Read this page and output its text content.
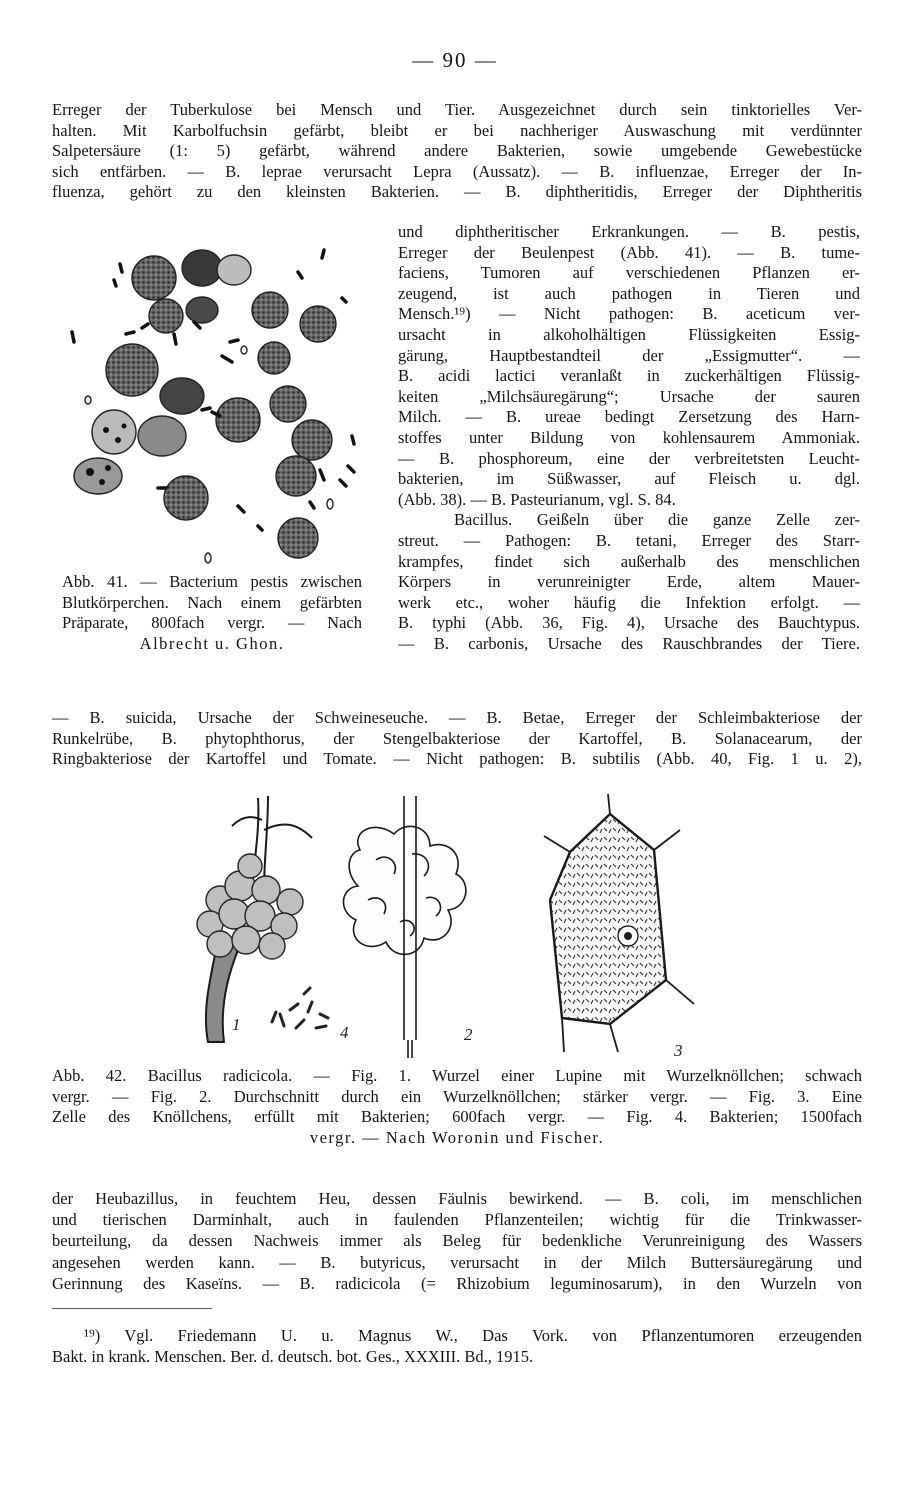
— 90 —
Erreger der Tuberkulose bei Mensch und Tier. Ausgezeichnet durch sein tinktorielles Ver-
halten. Mit Karbolfuchsin gefärbt, bleibt er bei nachheriger Auswaschung mit verdünnter
Salpetersäure (1: 5) gefärbt, während andere Bakterien, sowie umgebende Gewebestücke
sich entfärben. — B. leprae verursacht Lepra (Aussatz). — B. influenzae, Erreger der In-
fluenza, gehört zu den kleinsten Bakterien. — B. diphtheritidis, Erreger der Diphtheritis
Abb. 41. — Bacterium pestis zwischen
Blutkörperchen. Nach einem gefärbten
Präparate, 800fach vergr. — Nach
Albrecht u. Ghon.
und diphtheritischer Erkrankungen. — B. pestis,
Erreger der Beulenpest (Abb. 41). — B. tume-
faciens, Tumoren auf verschiedenen Pflanzen er-
zeugend, ist auch pathogen in Tieren und
Mensch.¹⁹) — Nicht pathogen: B. aceticum ver-
ursacht in alkoholhältigen Flüssigkeiten Essig-
gärung, Hauptbestandteil der „Essigmutter“. —
B. acidi lactici veranlaßt in zuckerhältigen Flüssig-
keiten „Milchsäuregärung“; Ursache der sauren
Milch. — B. ureae bedingt Zersetzung des Harn-
stoffes unter Bildung von kohlensaurem Ammoniak.
— B. phosphoreum, eine der verbreitetsten Leucht-
bakterien, im Süßwasser, auf Fleisch u. dgl.
(Abb. 38). — B. Pasteurianum, vgl. S. 84.
Bacillus. Geißeln über die ganze Zelle zer-
streut. — Pathogen: B. tetani, Erreger des Starr-
krampfes, findet sich außerhalb des menschlichen
Körpers in verunreinigter Erde, altem Mauer-
werk etc., woher häufig die Infektion erfolgt. —
B. typhi (Abb. 36, Fig. 4), Ursache des Bauchtypus.
— B. carbonis, Ursache des Rauschbrandes der Tiere.
— B. suicida, Ursache der Schweineseuche. — B. Betae, Erreger der Schleimbakteriose der
Runkelrübe, B. phytophthorus, der Stengelbakteriose der Kartoffel, B. Solanacearum, der
Ringbakteriose der Kartoffel und Tomate. — Nicht pathogen: B. subtilis (Abb. 40, Fig. 1 u. 2),
1	4	2
3
Abb. 42. Bacillus radicicola. — Fig. 1. Wurzel einer Lupine mit Wurzelknöllchen; schwach
vergr. — Fig. 2. Durchschnitt durch ein Wurzelknöllchen; stärker vergr. — Fig. 3. Eine
Zelle des Knöllchens, erfüllt mit Bakterien; 600fach vergr. — Fig. 4. Bakterien; 1500fach
vergr. — Nach Woronin und Fischer.
der Heubazillus, in feuchtem Heu, dessen Fäulnis bewirkend. — B. coli, im menschlichen
und tierischen Darminhalt, auch in faulenden Pflanzenteilen; wichtig für die Trinkwasser-
beurteilung, da dessen Nachweis immer als Beleg für bedenkliche Verunreinigung des Wassers
angesehen werden kann. — B. butyricus, verursacht in der Milch Buttersäuregärung und
Gerinnung des Kaseïns. — B. radicicola (= Rhizobium leguminosarum), in den Wurzeln von
¹⁹) Vgl. Friedemann U. u. Magnus W., Das Vork. von Pflanzentumoren erzeugenden
Bakt. in krank. Menschen. Ber. d. deutsch. bot. Ges., XXXIII. Bd., 1915.
